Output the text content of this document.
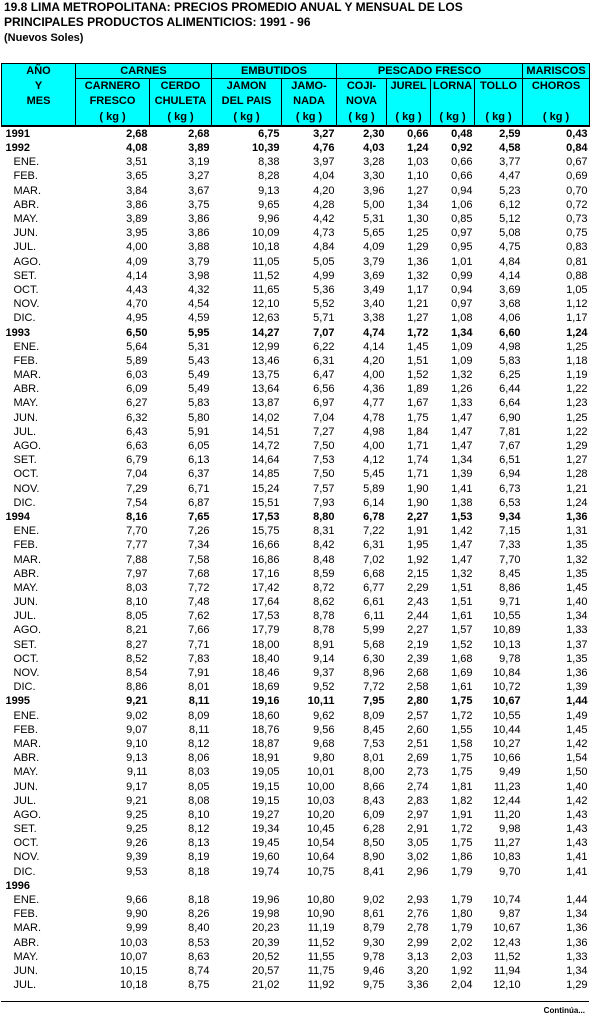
19.8 LIMA METROPOLITANA: PRECIOS PROMEDIO ANUAL Y MENSUAL DE LOS
PRINCIPALES PRODUCTOS ALIMENTICIOS: 1991 - 96
(Nuevos Soles)
AÑO	CARNES		EMBUTIDOS		PESCADO FRESCO				MARISCOS
Y	CARNERO	CERDO	JAMON	JAMO-	COJI-	JUREL	LORNA	TOLLO	CHOROS
MES	FRESCO	CHULETA	DEL PAIS	NADA	NOVA				
	( kg )	( kg )	( kg )	( kg )	( kg )	( kg )	( kg )	( kg )	( kg )
1991	2,68	2,68	6,75	3,27	2,30	0,66	0,48	2,59	0,43
1992	4,08	3,89	10,39	4,76	4,03	1,24	0,92	4,58	0,84
ENE.	3,51	3,19	8,38	3,97	3,28	1,03	0,66	3,77	0,67
FEB.	3,65	3,27	8,28	4,04	3,30	1,10	0,66	4,47	0,69
MAR.	3,84	3,67	9,13	4,20	3,96	1,27	0,94	5,23	0,70
ABR.	3,86	3,75	9,65	4,28	5,00	1,34	1,06	6,12	0,72
MAY.	3,89	3,86	9,96	4,42	5,31	1,30	0,85	5,12	0,73
JUN.	3,95	3,86	10,09	4,73	5,65	1,25	0,97	5,08	0,75
JUL.	4,00	3,88	10,18	4,84	4,09	1,29	0,95	4,75	0,83
AGO.	4,09	3,79	11,05	5,05	3,79	1,36	1,01	4,84	0,81
SET.	4,14	3,98	11,52	4,99	3,69	1,32	0,99	4,14	0,88
OCT.	4,43	4,32	11,65	5,36	3,49	1,17	0,94	3,69	1,05
NOV.	4,70	4,54	12,10	5,52	3,40	1,21	0,97	3,68	1,12
DIC.	4,95	4,59	12,63	5,71	3,38	1,27	1,08	4,06	1,17
1993	6,50	5,95	14,27	7,07	4,74	1,72	1,34	6,60	1,24
ENE.	5,64	5,31	12,99	6,22	4,14	1,45	1,09	4,98	1,25
FEB.	5,89	5,43	13,46	6,31	4,20	1,51	1,09	5,83	1,18
MAR.	6,03	5,49	13,75	6,47	4,00	1,52	1,32	6,25	1,19
ABR.	6,09	5,49	13,64	6,56	4,36	1,89	1,26	6,44	1,22
MAY.	6,27	5,83	13,87	6,97	4,77	1,67	1,33	6,64	1,23
JUN.	6,32	5,80	14,02	7,04	4,78	1,75	1,47	6,90	1,25
JUL.	6,43	5,91	14,51	7,27	4,98	1,84	1,47	7,81	1,22
AGO.	6,63	6,05	14,72	7,50	4,00	1,71	1,47	7,67	1,29
SET.	6,79	6,13	14,64	7,53	4,12	1,74	1,34	6,51	1,27
OCT.	7,04	6,37	14,85	7,50	5,45	1,71	1,39	6,94	1,28
NOV.	7,29	6,71	15,24	7,57	5,89	1,90	1,41	6,73	1,21
DIC.	7,54	6,87	15,51	7,93	6,14	1,90	1,38	6,53	1,24
1994	8,16	7,65	17,53	8,80	6,78	2,27	1,53	9,34	1,36
ENE.	7,70	7,26	15,75	8,31	7,22	1,91	1,42	7,15	1,31
FEB.	7,77	7,34	16,66	8,42	6,31	1,95	1,47	7,33	1,35
MAR.	7,88	7,58	16,86	8,48	7,02	1,92	1,47	7,70	1,32
ABR.	7,97	7,68	17,16	8,59	6,68	2,15	1,32	8,45	1,35
MAY.	8,03	7,72	17,42	8,72	6,77	2,29	1,51	8,86	1,45
JUN.	8,10	7,48	17,64	8,62	6,61	2,43	1,51	9,71	1,40
JUL.	8,05	7,62	17,53	8,78	6,11	2,44	1,61	10,55	1,34
AGO.	8,21	7,66	17,79	8,78	5,99	2,27	1,57	10,89	1,33
SET.	8,27	7,71	18,00	8,91	5,68	2,19	1,52	10,13	1,37
OCT.	8,52	7,83	18,40	9,14	6,30	2,39	1,68	9,78	1,35
NOV.	8,54	7,91	18,46	9,37	8,96	2,68	1,69	10,84	1,36
DIC.	8,86	8,01	18,69	9,52	7,72	2,58	1,61	10,72	1,39
1995	9,21	8,11	19,16	10,11	7,95	2,80	1,75	10,67	1,44
ENE.	9,02	8,09	18,60	9,62	8,09	2,57	1,72	10,55	1,49
FEB.	9,07	8,11	18,76	9,56	8,45	2,60	1,55	10,44	1,45
MAR.	9,10	8,12	18,87	9,68	7,53	2,51	1,58	10,27	1,42
ABR.	9,13	8,06	18,91	9,80	8,01	2,69	1,75	10,66	1,54
MAY.	9,11	8,03	19,05	10,01	8,00	2,73	1,75	9,49	1,50
JUN.	9,17	8,05	19,15	10,00	8,66	2,74	1,81	11,23	1,40
JUL.	9,21	8,08	19,15	10,03	8,43	2,83	1,82	12,44	1,42
AGO.	9,25	8,10	19,27	10,20	6,09	2,97	1,91	11,20	1,43
SET.	9,25	8,12	19,34	10,45	6,28	2,91	1,72	9,98	1,43
OCT.	9,26	8,13	19,45	10,54	8,50	3,05	1,75	11,27	1,43
NOV.	9,39	8,19	19,60	10,64	8,90	3,02	1,86	10,83	1,41
DIC.	9,53	8,18	19,74	10,75	8,41	2,96	1,79	9,70	1,41
1996									
ENE.	9,66	8,18	19,96	10,80	9,02	2,93	1,79	10,74	1,44
FEB.	9,90	8,26	19,98	10,90	8,61	2,76	1,80	9,87	1,34
MAR.	9,99	8,40	20,23	11,19	8,79	2,78	1,79	10,67	1,36
ABR.	10,03	8,53	20,39	11,52	9,30	2,99	2,02	12,43	1,36
MAY.	10,07	8,63	20,52	11,55	9,78	3,13	2,03	11,52	1,33
JUN.	10,15	8,74	20,57	11,75	9,46	3,20	1,92	11,94	1,34
JUL.	10,18	8,75	21,02	11,92	9,75	3,36	2,04	12,10	1,29
Continúa...
